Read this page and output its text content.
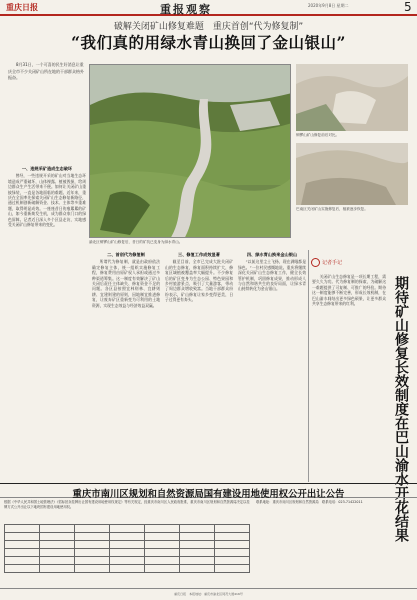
重庆日报	重报观察	2020年9月8日 星期二	5
破解关闭矿山修复难题　重庆首创“代为修复制”
“我们真的用绿水青山换回了金山银山”
8月31日，一个可喜的民生好消息让重庆全市不少关闭矿山所在地的干部群众格外振奋。
渝北区铜锣山矿山修复后，昔日的矿坑已变身为绿水青山。
铜锣山矿山修复前后对比。
巴南区关闭矿山实施修复后，植被逐步恢复。

一、违规采矿造成生态破坏

曾经，一些违规开采的矿山对当地生态环境造成严重破坏，山体裸露、植被毁损，给周边群众生产生活带来不便。如何让关闭矿山重披绿装，一直是各地面临的难题。近年来，重庆在全国率先探索关闭矿山生态修复新路径，通过机制创新破解资金、技术、主体等多重难题，取得明显成效。一座座昔日伤痕累累的矿山，如今重新焕发生机，成为群众家门口的绿色屏障。记者近日深入多个区县走访，实地感受关闭矿山修复带来的变化。

二、首创代为修复制

所谓代为修复制，就是由政府依法确定修复主体，统一组织实施修复工程，修复费用由原矿权人承担或通过多种渠道筹集。这一制度有效解决了矿山关闭后责任主体缺失、修复资金不足的问题。各区县按照宜林则林、宜耕则耕、宜建则建的原则，因地制宜推进修复，让废弃矿区重新变为可利用的土地资源，实现生态效益与经济效益双赢。

三、修复工作成效显著

截至目前，全市已完成大批关闭矿山的生态修复，修复面积持续扩大，修复区域植被覆盖率大幅提升。不少修复后的矿区变身为生态公园、特色果园和乡村旅游景点，吸引了大量游客，带动了周边群众增收致富。当地干部群众纷纷表示，矿山修复让家乡变得更美，日子过得更有奔头。

四、绿水青山换来金山银山

“以前这里尘土飞扬，现在满眼都是绿色。”一位村民感慨地说。重庆将继续深化关闭矿山生态修复工作，健全长效管护机制，巩固修复成果，推动形成人与自然和谐共生的良好局面，让绿水青山持续转化为金山银山。

记者手记

关闭矿山生态修复是一项长期工程，需要久久为功。代为修复制的探索，为破解这一难题提供了可复制、可推广的经验。期待这一制度能够不断完善，形成长效机制，在巴山渝水间结出更多绿色硕果，让更多群众共享生态修复带来的红利。	期待矿山修复长效制度在巴山渝水开花结果
重庆市南川区规划和自然资源局国有建设用地使用权公开出让公告
根据《中华人民共和国土地管理法》《招标拍卖挂牌出让国有建设用地使用权规定》等有关规定，经重庆市南川区人民政府批准，重庆市南川区规划和自然资源局决定以挂牌方式公开出让以下地块国有建设用地使用权。

联系地址：重庆市南川区规划和自然资源局　联系电话：023-71422011
重庆日报　本报地址：重庆市渝北区同茂大道416号
